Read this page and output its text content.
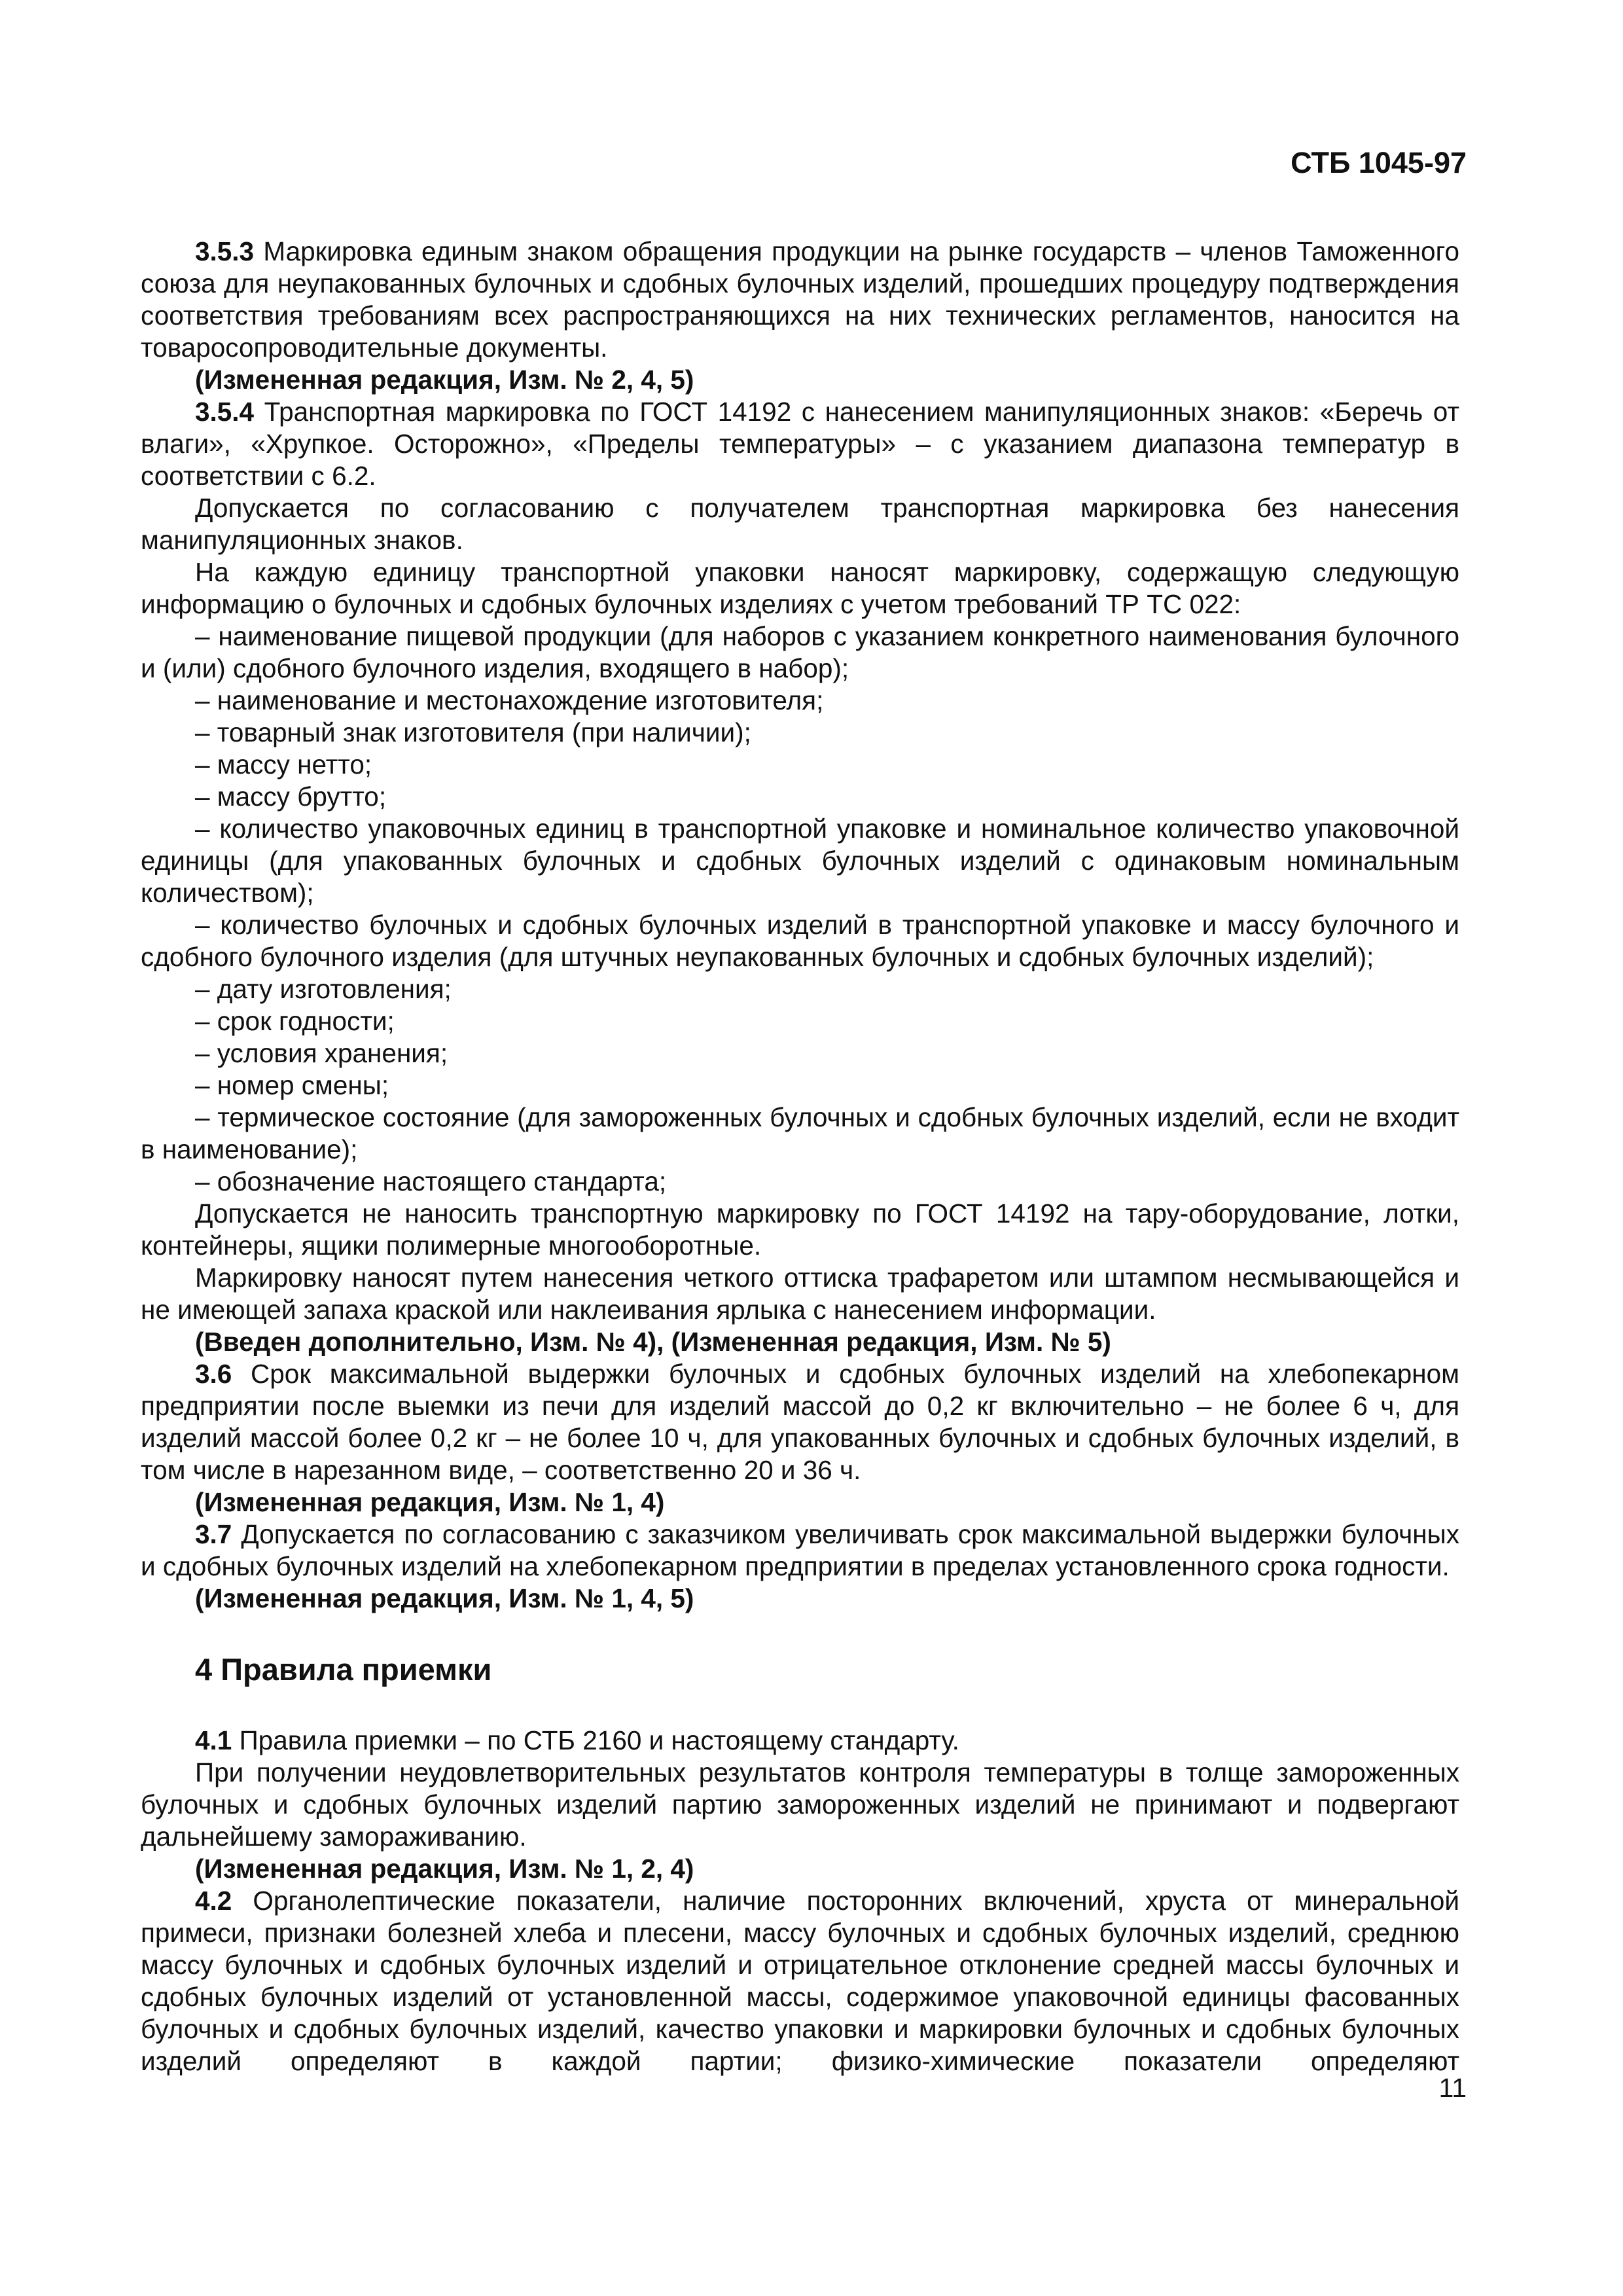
СТБ 1045-97

3.5.3 Маркировка единым знаком обращения продукции на рынке государств – членов Таможенного союза для неупакованных булочных и сдобных булочных изделий, прошедших процедуру подтверждения соответствия требованиям всех распространяющихся на них технических регламентов, наносится на товаросопроводительные документы.

(Измененная редакция, Изм. № 2, 4, 5)

3.5.4 Транспортная маркировка по ГОСТ 14192 с нанесением манипуляционных знаков: «Беречь от влаги», «Хрупкое. Осторожно», «Пределы температуры» – с указанием диапазона температур в соответствии с 6.2.

Допускается по согласованию с получателем транспортная маркировка без нанесения манипуляционных знаков.

На каждую единицу транспортной упаковки наносят маркировку, содержащую следующую информацию о булочных и сдобных булочных изделиях с учетом требований ТР ТС 022:

– наименование пищевой продукции (для наборов с указанием конкретного наименования булочного и (или) сдобного булочного изделия, входящего в набор);

– наименование и местонахождение изготовителя;

– товарный знак изготовителя (при наличии);

– массу нетто;

– массу брутто;

– количество упаковочных единиц в транспортной упаковке и номинальное количество упаковочной единицы (для упакованных булочных и сдобных булочных изделий с одинаковым номинальным количеством);

– количество булочных и сдобных булочных изделий в транспортной упаковке и массу булочного и сдобного булочного изделия (для штучных неупакованных булочных и сдобных булочных изделий);

– дату изготовления;

– срок годности;

– условия хранения;

– номер смены;

– термическое состояние (для замороженных булочных и сдобных булочных изделий, если не входит в наименование);

– обозначение настоящего стандарта;

Допускается не наносить транспортную маркировку по ГОСТ 14192 на тару-оборудование, лотки, контейнеры, ящики полимерные многооборотные.

Маркировку наносят путем нанесения четкого оттиска трафаретом или штампом несмывающейся и не имеющей запаха краской или наклеивания ярлыка с нанесением информации.

(Введен дополнительно, Изм. № 4), (Измененная редакция, Изм. № 5)

3.6 Срок максимальной выдержки булочных и сдобных булочных изделий на хлебопекарном предприятии после выемки из печи для изделий массой до 0,2 кг включительно – не более 6 ч, для изделий массой более 0,2 кг – не более 10 ч, для упакованных булочных и сдобных булочных изделий, в том числе в нарезанном виде, – соответственно 20 и 36 ч.

(Измененная редакция, Изм. № 1, 4)

3.7 Допускается по согласованию с заказчиком увеличивать срок максимальной выдержки булочных и сдобных булочных изделий на хлебопекарном предприятии в пределах установленного срока годности.

(Измененная редакция, Изм. № 1, 4, 5)

4 Правила приемки

4.1 Правила приемки – по СТБ 2160 и настоящему стандарту.

При получении неудовлетворительных результатов контроля температуры в толще замороженных булочных и сдобных булочных изделий партию замороженных изделий не принимают и подвергают дальнейшему замораживанию.

(Измененная редакция, Изм. № 1, 2, 4)

4.2 Органолептические показатели, наличие посторонних включений, хруста от минеральной примеси, признаки болезней хлеба и плесени, массу булочных и сдобных булочных изделий, среднюю массу булочных и сдобных булочных изделий и отрицательное отклонение средней массы булочных и сдобных булочных изделий от установленной массы, содержимое упаковочной единицы фасованных булочных и сдобных булочных изделий, качество упаковки и маркировки булочных и сдобных булочных изделий определяют в каждой партии; физико-химические показатели определяют

11
